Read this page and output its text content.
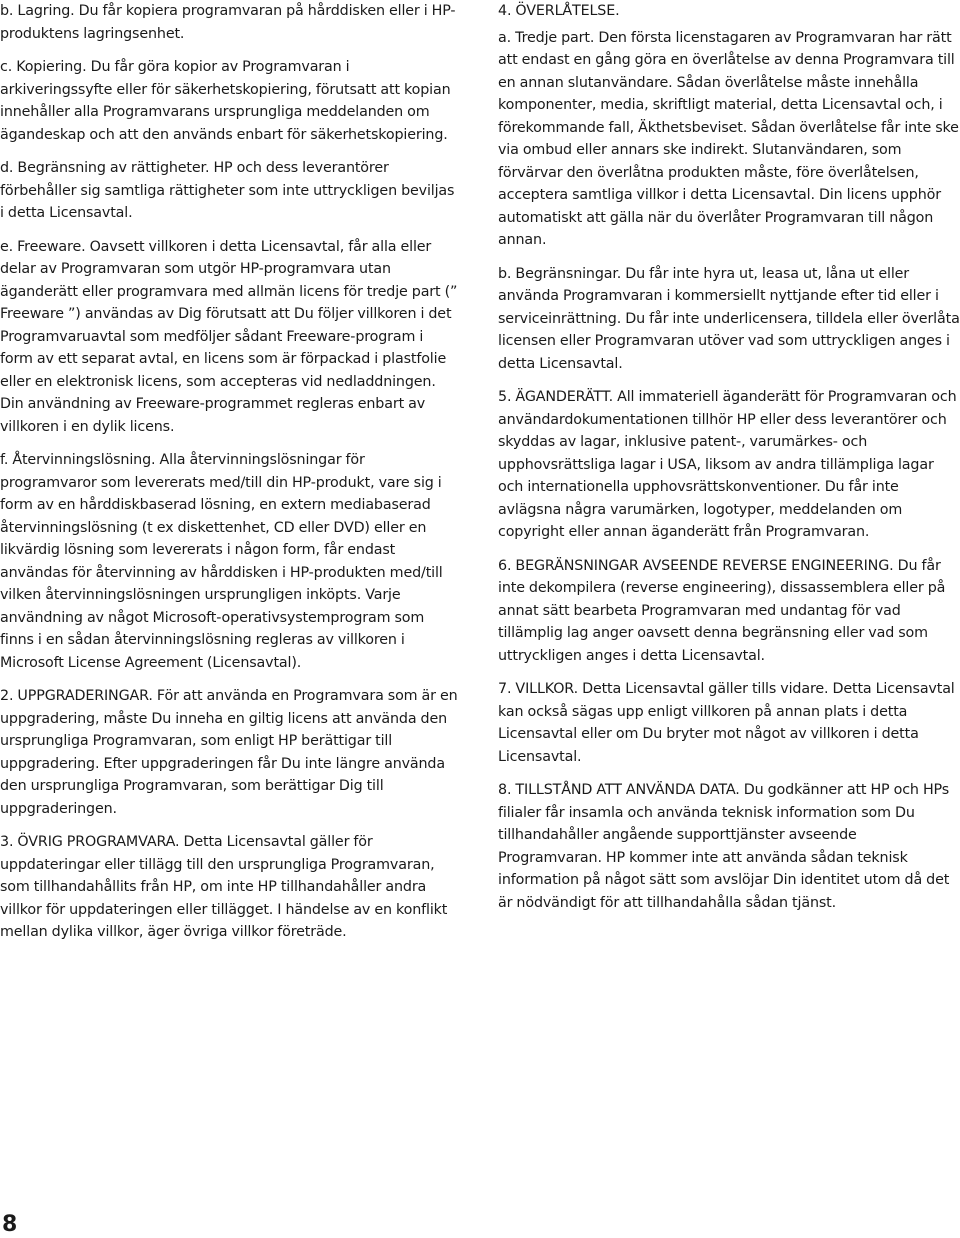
b. Lagring. Du får kopiera programvaran på hårddisken eller i HP-produktens lagringsenhet.

c. Kopiering. Du får göra kopior av Programvaran i arkiveringssyfte eller för säkerhetskopiering, förutsatt att kopian innehåller alla Programvarans ursprungliga meddelanden om ägandeskap och att den används enbart för säkerhetskopiering.

d. Begränsning av rättigheter. HP och dess leverantörer förbehåller sig samtliga rättigheter som inte uttryckligen beviljas i detta Licensavtal.

e. Freeware. Oavsett villkoren i detta Licensavtal, får alla eller delar av Programvaran som utgör HP-programvara utan äganderätt eller programvara med allmän licens för tredje part (” Freeware ”) användas av Dig förutsatt att Du följer villkoren i det Programvaruavtal som medföljer sådant Freeware-program i form av ett separat avtal, en licens som är förpackad i plastfolie eller en elektronisk licens, som accepteras vid nedladdningen. Din användning av Freeware-programmet regleras enbart av villkoren i en dylik licens.

f. Återvinningslösning. Alla återvinningslösningar för programvaror som levererats med/till din HP-produkt, vare sig i form av en hårddiskbaserad lösning, en extern mediabaserad återvinningslösning (t ex diskettenhet, CD eller DVD) eller en likvärdig lösning som levererats i någon form, får endast användas för återvinning av hårddisken i HP-produkten med/till vilken återvinningslösningen ursprungligen inköpts. Varje användning av något Microsoft-operativsystemprogram som finns i en sådan återvinningslösning regleras av villkoren i Microsoft License Agreement (Licensavtal).

2. UPPGRADERINGAR. För att använda en Programvara som är en uppgradering, måste Du inneha en giltig licens att använda den ursprungliga Programvaran, som enligt HP berättigar till uppgradering. Efter uppgraderingen får Du inte längre använda den ursprungliga Programvaran, som berättigar Dig till uppgraderingen.

3. ÖVRIG PROGRAMVARA. Detta Licensavtal gäller för uppdateringar eller tillägg till den ursprungliga Programvaran, som tillhandahållits från HP, om inte HP tillhandahåller andra villkor för uppdateringen eller tillägget. I händelse av en konflikt mellan dylika villkor, äger övriga villkor företräde.

4. ÖVERLÅTELSE.

a. Tredje part. Den första licenstagaren av Programvaran har rätt att endast en gång göra en överlåtelse av denna Programvara till en annan slutanvändare. Sådan överlåtelse måste innehålla komponenter, media, skriftligt material, detta Licensavtal och, i förekommande fall, Äkthetsbeviset. Sådan överlåtelse får inte ske via ombud eller annars ske indirekt. Slutanvändaren, som förvärvar den överlåtna produkten måste, före överlåtelsen, acceptera samtliga villkor i detta Licensavtal. Din licens upphör automatiskt att gälla när du överlåter Programvaran till någon annan.

b. Begränsningar. Du får inte hyra ut, leasa ut, låna ut eller använda Programvaran i kommersiellt nyttjande efter tid eller i serviceinrättning. Du får inte underlicensera, tilldela eller överlåta licensen eller Programvaran utöver vad som uttryckligen anges i detta Licensavtal.

5. ÄGANDERÄTT. All immateriell äganderätt för Programvaran och användardokumentationen tillhör HP eller dess leverantörer och skyddas av lagar, inklusive patent-, varumärkes- och upphovsrättsliga lagar i USA, liksom av andra tillämpliga lagar och internationella upphovsrättskonventioner. Du får inte avlägsna några varumärken, logotyper, meddelanden om copyright eller annan äganderätt från Programvaran.

6. BEGRÄNSNINGAR AVSEENDE REVERSE ENGINEERING. Du får inte dekompilera (reverse engineering), dissassemblera eller på annat sätt bearbeta Programvaran med undantag för vad tillämplig lag anger oavsett denna begränsning eller vad som uttryckligen anges i detta Licensavtal.

7. VILLKOR. Detta Licensavtal gäller tills vidare. Detta Licensavtal kan också sägas upp enligt villkoren på annan plats i detta Licensavtal eller om Du bryter mot något av villkoren i detta Licensavtal.

8. TILLSTÅND ATT ANVÄNDA DATA. Du godkänner att HP och HPs filialer får insamla och använda teknisk information som Du tillhandahåller angående supporttjänster avseende Programvaran. HP kommer inte att använda sådan teknisk information på något sätt som avslöjar Din identitet utom då det är nödvändigt för att tillhandahålla sådan tjänst.

8
